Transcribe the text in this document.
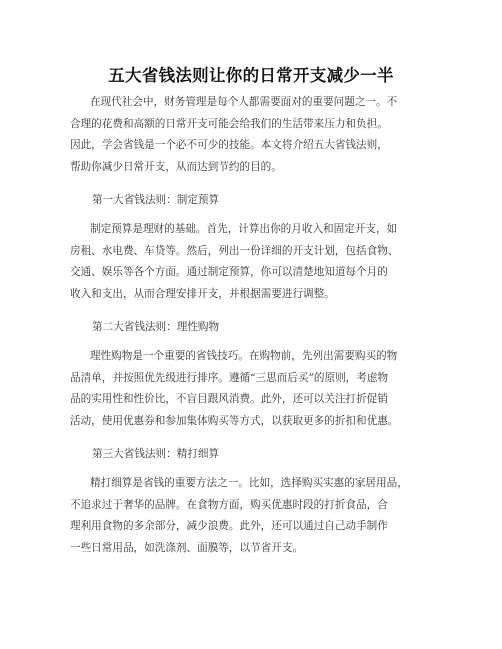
五大省钱法则让你的日常开支减少一半
在现代社会中，财务管理是每个人都需要面对的重要问题之一。不
合理的花费和高额的日常开支可能会给我们的生活带来压力和负担。
因此，学会省钱是一个必不可少的技能。本文将介绍五大省钱法则，
帮助你减少日常开支，从而达到节约的目的。
第一大省钱法则：制定预算
制定预算是理财的基础。首先，计算出你的月收入和固定开支，如
房租、水电费、车贷等。然后，列出一份详细的开支计划，包括食物、
交通、娱乐等各个方面。通过制定预算，你可以清楚地知道每个月的
收入和支出，从而合理安排开支，并根据需要进行调整。
第二大省钱法则：理性购物
理性购物是一个重要的省钱技巧。在购物前，先列出需要购买的物
品清单，并按照优先级进行排序。遵循“三思而后买”的原则，考虑物
品的实用性和性价比，不盲目跟风消费。此外，还可以关注打折促销
活动，使用优惠券和参加集体购买等方式，以获取更多的折扣和优惠。
第三大省钱法则：精打细算
精打细算是省钱的重要方法之一。比如，选择购买实惠的家居用品，
不追求过于奢华的品牌。在食物方面，购买优惠时段的打折食品，合
理利用食物的多余部分，减少浪费。此外，还可以通过自己动手制作
一些日常用品，如洗涤剂、面膜等，以节省开支。
